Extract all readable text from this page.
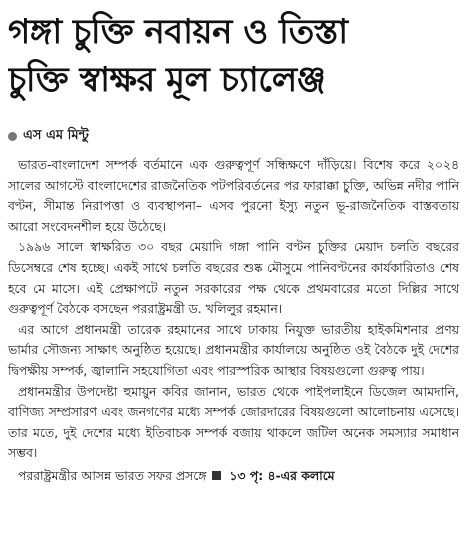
গঙ্গা চুক্তি নবায়ন ও তিস্তা
চুক্তি স্বাক্ষর মূল চ্যালেঞ্জ
এস এম মিন্টু

ভারত-বাংলাদেশ সম্পর্ক বর্তমানে এক গুরুত্বপূর্ণ সন্ধিক্ষণে দাঁড়িয়ে। বিশেষ করে ২০২৪ সালের আগস্টে বাংলাদেশের রাজনৈতিক পটপরিবর্তনের পর ফারাক্কা চুক্তি, অভিন্ন নদীর পানি বণ্টন, সীমান্ত নিরাপত্তা ও ব্যবস্থাপনা– এসব পুরনো ইস্যু নতুন ভূ-রাজনৈতিক বাস্তবতায় আরো সংবেদনশীল হয়ে উঠেছে।

১৯৯৬ সালে স্বাক্ষরিত ৩০ বছর মেয়াদি গঙ্গা পানি বণ্টন চুক্তির মেয়াদ চলতি বছরের ডিসেম্বরে শেষ হচ্ছে। একই সাথে চলতি বছরের শুষ্ক মৌসুমে পানিবণ্টনের কার্যকারিতাও শেষ হবে মে মাসে। এই প্রেক্ষাপটে নতুন সরকারের পক্ষ থেকে প্রথমবারের মতো দিল্লির সাথে গুরুত্বপূর্ণ বৈঠকে বসছেন পররাষ্ট্রমন্ত্রী ড. খলিলুর রহমান।

এর আগে প্রধানমন্ত্রী তারেক রহমানের সাথে ঢাকায় নিযুক্ত ভারতীয় হাইকমিশনার প্রণয় ভার্মার সৌজন্য সাক্ষাৎ অনুষ্ঠিত হয়েছে। প্রধানমন্ত্রীর কার্যালয়ে অনুষ্ঠিত ওই বৈঠকে দুই দেশের দ্বিপক্ষীয় সম্পর্ক, জ্বালানি সহযোগিতা এবং পারস্পরিক আস্থার বিষয়গুলো গুরুত্ব পায়।

প্রধানমন্ত্রীর উপদেষ্টা হুমায়ুন কবির জানান, ভারত থেকে পাইপলাইনে ডিজেল আমদানি, বাণিজ্য সম্প্রসারণ এবং জনগণের মধ্যে সম্পর্ক জোরদারের বিষয়গুলো আলোচনায় এসেছে। তার মতে, দুই দেশের মধ্যে ইতিবাচক সম্পর্ক বজায় থাকলে জটিল অনেক সমস্যার সমাধান সম্ভব।

পররাষ্ট্রমন্ত্রীর আসন্ন ভারত সফর প্রসঙ্গে ১৩ পৃ: ৪-এর কলামে
